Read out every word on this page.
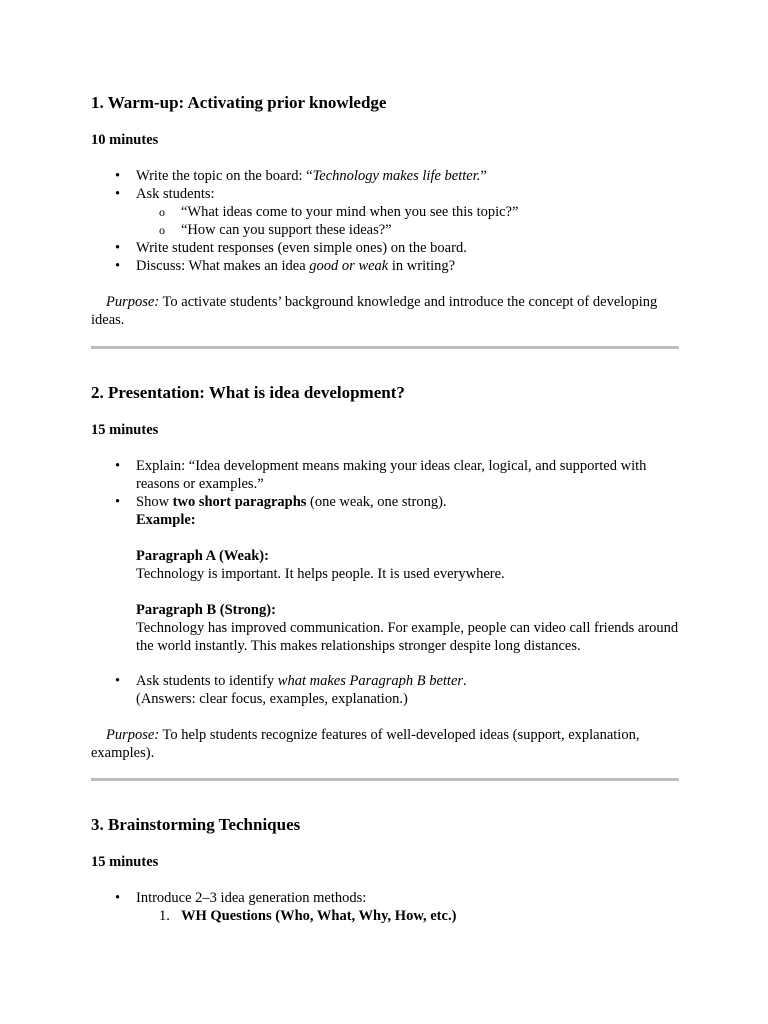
1. Warm-up: Activating prior knowledge

10 minutes

• Write the topic on the board: “Technology makes life better.”
• Ask students:
o “What ideas come to your mind when you see this topic?”
o “How can you support these ideas?”
• Write student responses (even simple ones) on the board.
• Discuss: What makes an idea good or weak in writing?

Purpose: To activate students’ background knowledge and introduce the concept of developing ideas.

2. Presentation: What is idea development?

15 minutes

• Explain: “Idea development means making your ideas clear, logical, and supported with reasons or examples.”
• Show two short paragraphs (one weak, one strong).
Example:
Paragraph A (Weak):
Technology is important. It helps people. It is used everywhere.
Paragraph B (Strong):
Technology has improved communication. For example, people can video call friends around the world instantly. This makes relationships stronger despite long distances.
• Ask students to identify what makes Paragraph B better.
(Answers: clear focus, examples, explanation.)

Purpose: To help students recognize features of well-developed ideas (support, explanation, examples).

3. Brainstorming Techniques

15 minutes

• Introduce 2–3 idea generation methods:
1. WH Questions (Who, What, Why, How, etc.)
